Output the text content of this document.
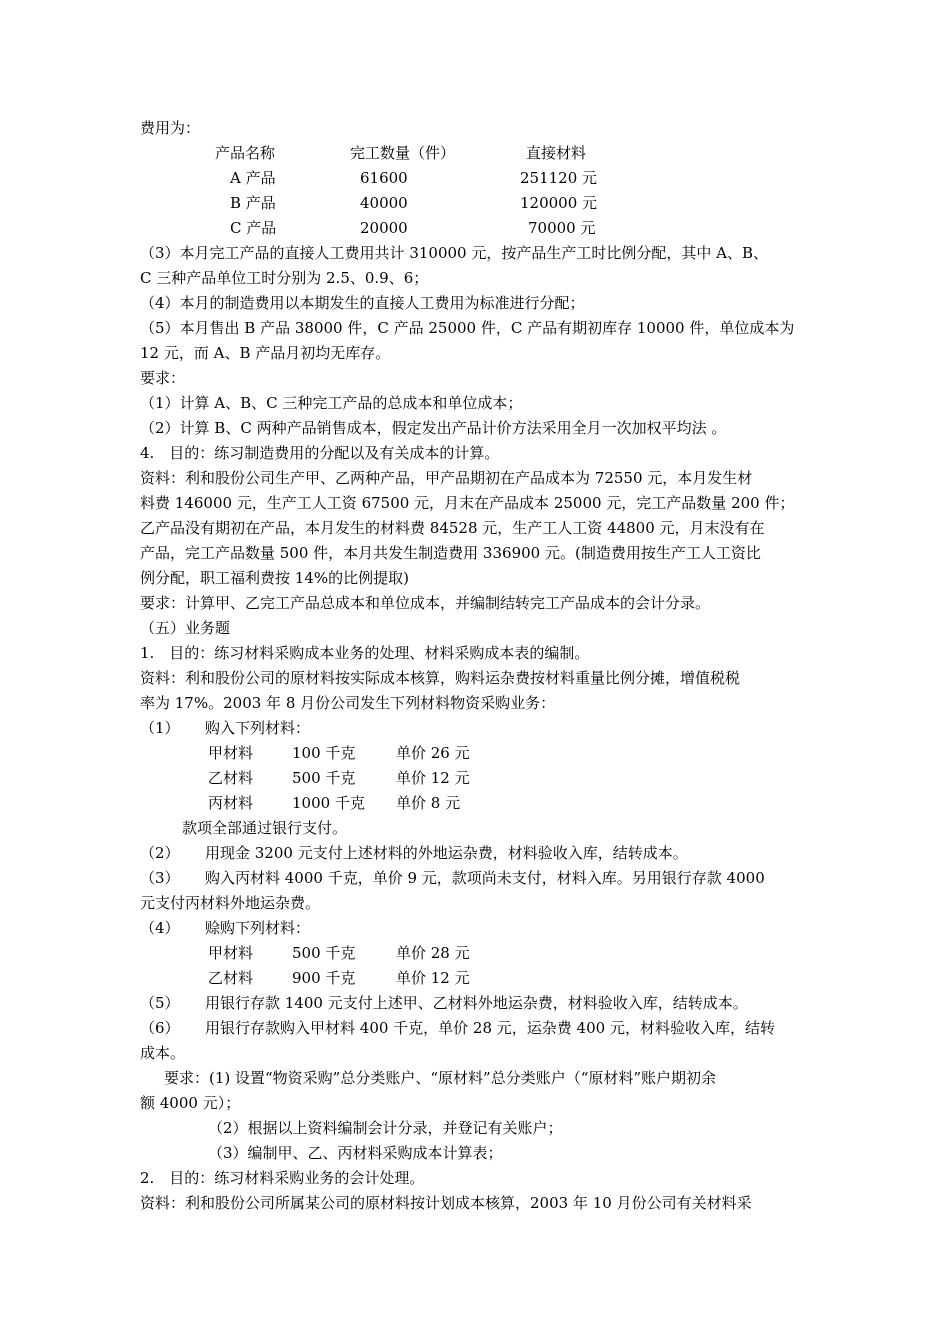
费用为：
产品名称	完工数量（件）	直接材料
A 产品	61600	251120 元
B 产品	40000	120000 元
C 产品	20000	70000 元
（3）本月完工产品的直接人工费用共计 310000 元，按产品生产工时比例分配，其中 A、B、
C 三种产品单位工时分别为 2.5、0.9、6；
（4）本月的制造费用以本期发生的直接人工费用为标准进行分配；
（5）本月售出 B 产品 38000 件，C 产品 25000 件，C 产品有期初库存 10000 件，单位成本为
12 元，而 A、B 产品月初均无库存。
要求：
（1）计算 A、B、C 三种完工产品的总成本和单位成本；
（2）计算 B、C 两种产品销售成本，假定发出产品计价方法采用全月一次加权平均法 。
4.　目的：练习制造费用的分配以及有关成本的计算。
资料：利和股份公司生产甲、乙两种产品，甲产品期初在产品成本为 72550 元，本月发生材
料费 146000 元，生产工人工资 67500 元，月末在产品成本 25000 元，完工产品数量 200 件；
乙产品没有期初在产品，本月发生的材料费 84528 元，生产工人工资 44800 元，月末没有在
产品，完工产品数量 500 件，本月共发生制造费用 336900 元。(制造费用按生产工人工资比
例分配，职工福利费按 14%的比例提取)
要求：计算甲、乙完工产品总成本和单位成本，并编制结转完工产品成本的会计分录。
（五）业务题
1.　目的：练习材料采购成本业务的处理、材料采购成本表的编制。
资料：利和股份公司的原材料按实际成本核算，购料运杂费按材料重量比例分摊，增值税税
率为 17%。2003 年 8 月份公司发生下列材料物资采购业务：
（1） 购入下列材料：
甲材料	100 千克	单价 26 元
乙材料	500 千克	单价 12 元
丙材料	1000 千克 单价 8 元
款项全部通过银行支付。
（2） 用现金 3200 元支付上述材料的外地运杂费，材料验收入库，结转成本。
（3） 购入丙材料 4000 千克，单价 9 元，款项尚未支付，材料入库。另用银行存款 4000
元支付丙材料外地运杂费。
（4） 赊购下列材料：
甲材料	500 千克	单价 28 元
乙材料	900 千克	单价 12 元
（5） 用银行存款 1400 元支付上述甲、乙材料外地运杂费，材料验收入库，结转成本。
（6） 用银行存款购入甲材料 400 千克，单价 28 元，运杂费 400 元，材料验收入库，结转
成本。
要求：(1) 设置“物资采购”总分类账户、“原材料”总分类账户（“原材料”账户期初余
额 4000 元）；
（2）根据以上资料编制会计分录，并登记有关账户；
（3）编制甲、乙、丙材料采购成本计算表；
2.　目的：练习材料采购业务的会计处理。
资料：利和股份公司所属某公司的原材料按计划成本核算，2003 年 10 月份公司有关材料采
